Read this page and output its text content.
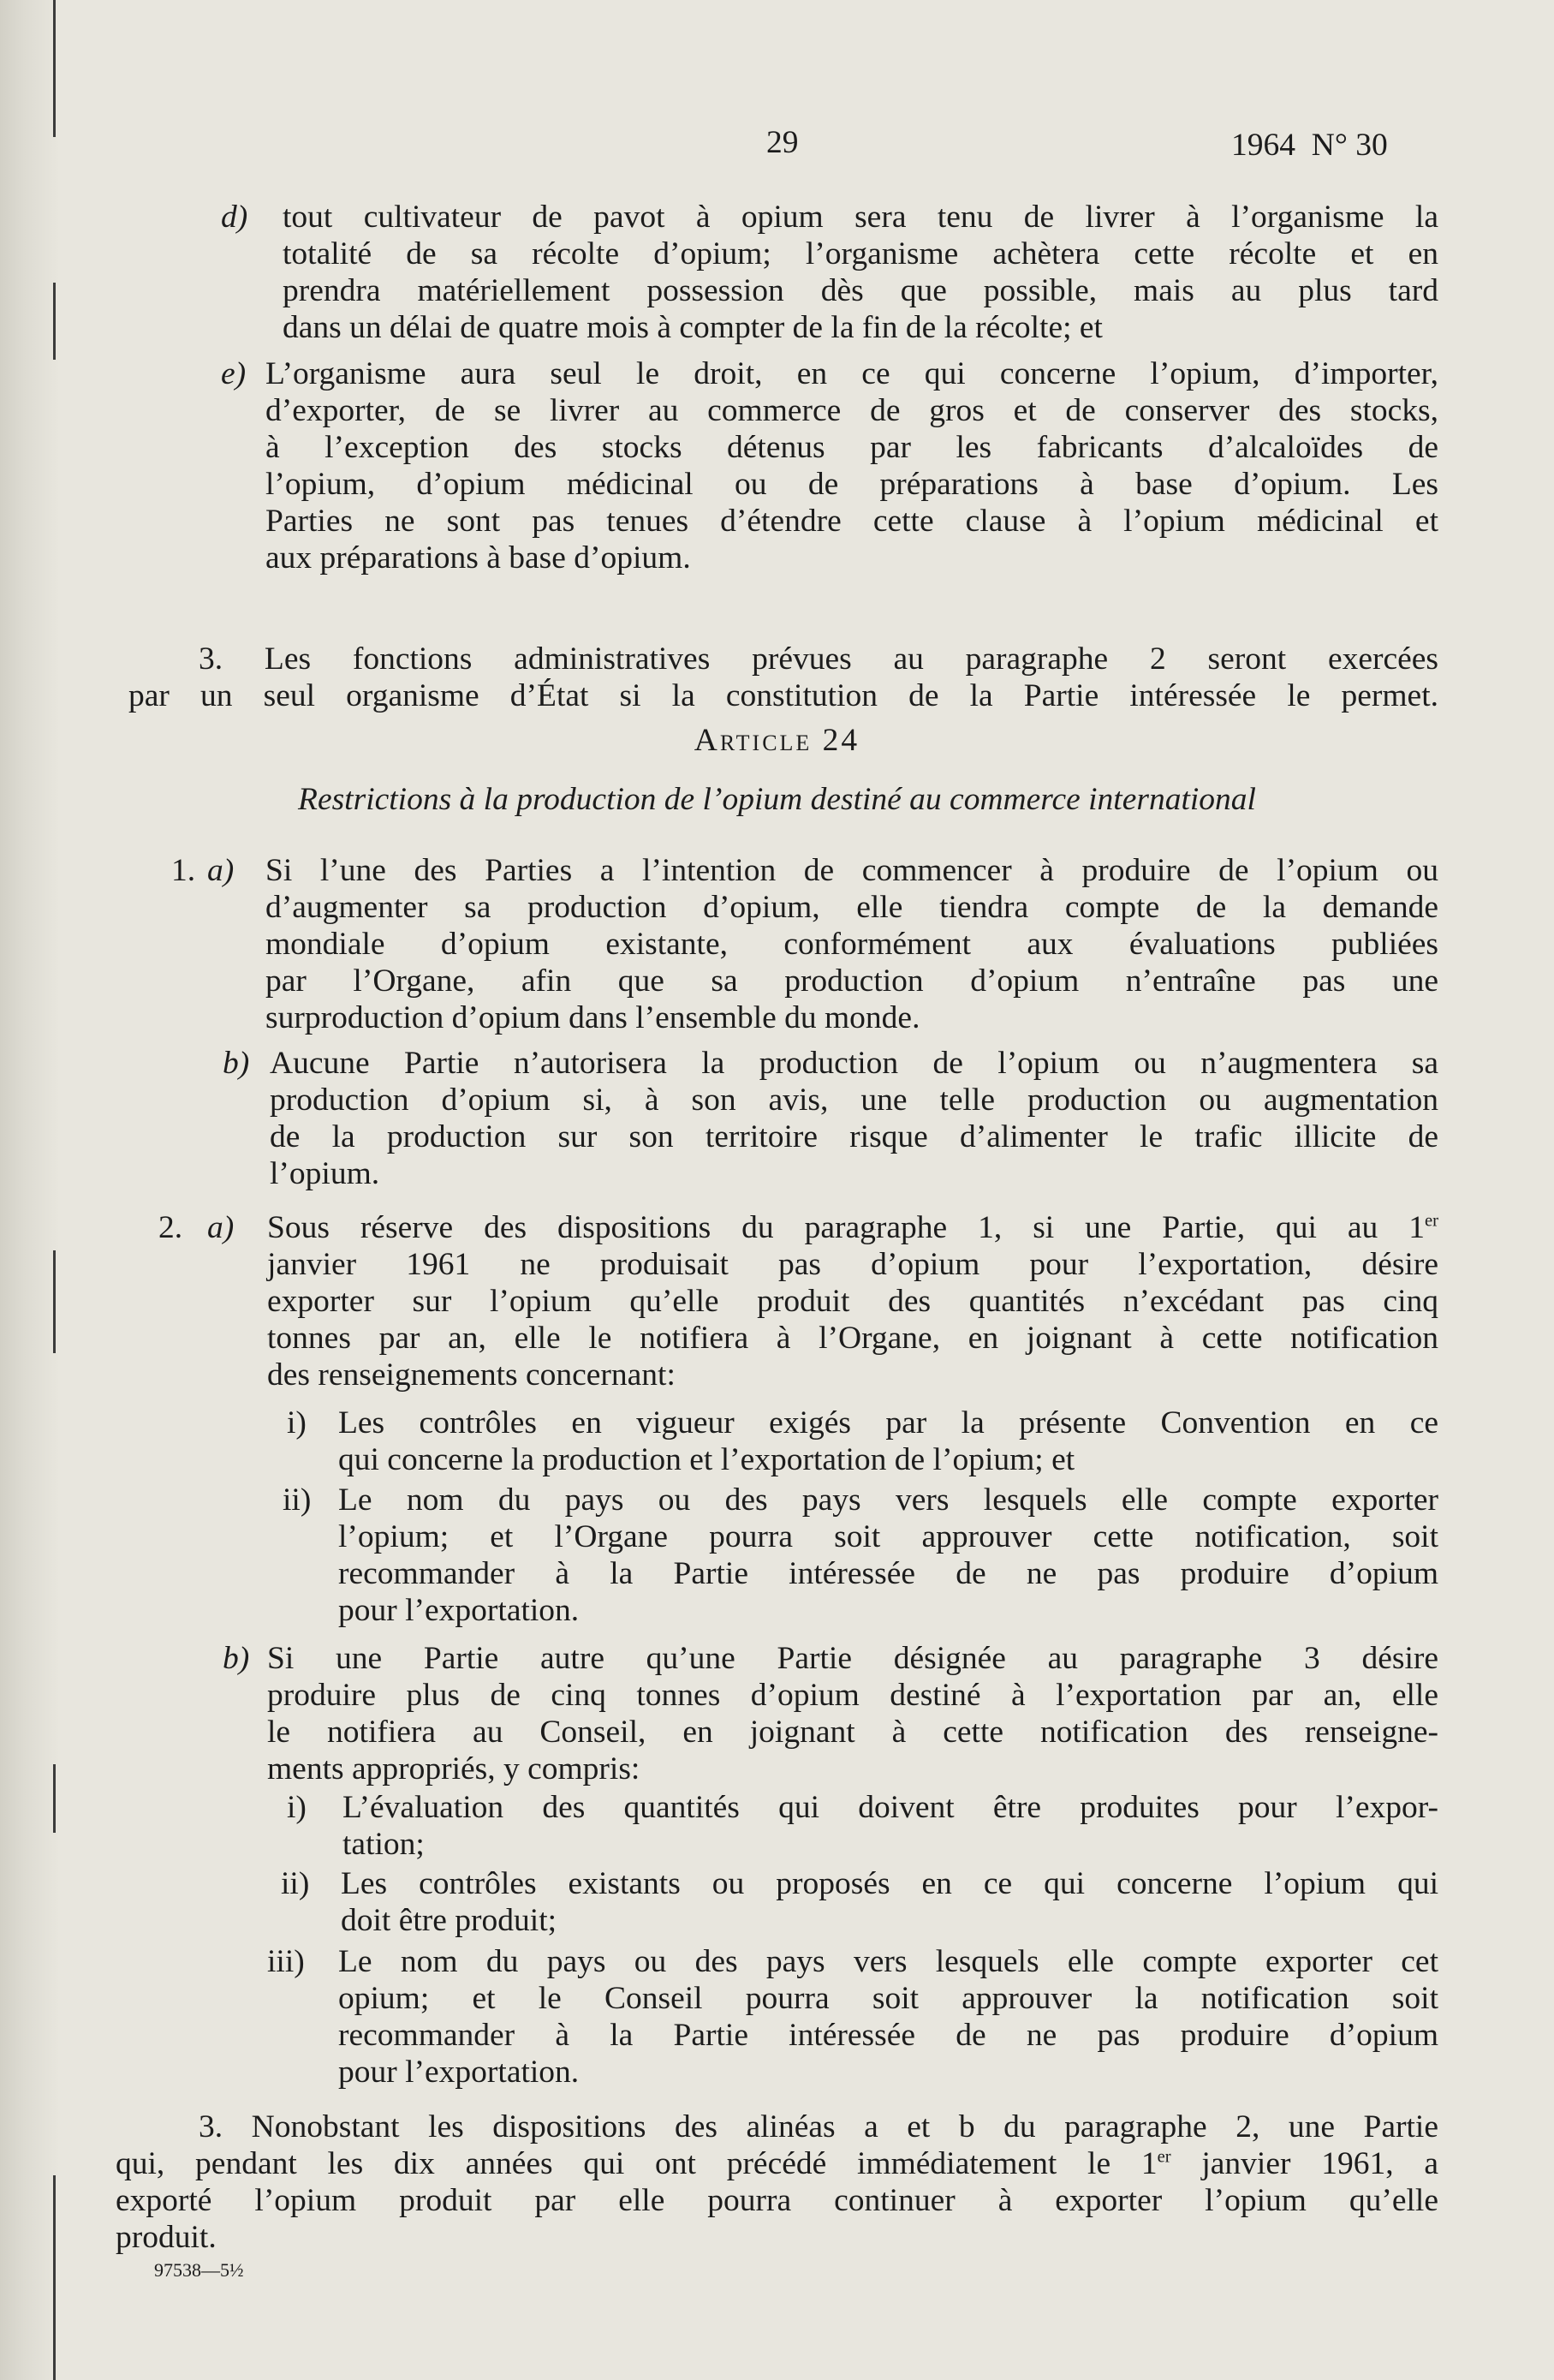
29	1964  N° 30
d) tout cultivateur de pavot à opium sera tenu de livrer à l’organisme la
totalité de sa récolte d’opium; l’organisme achètera cette récolte et en
prendra matériellement possession dès que possible, mais au plus tard
dans un délai de quatre mois à compter de la fin de la récolte; et
e) L’organisme aura seul le droit, en ce qui concerne l’opium, d’importer,
d’exporter, de se livrer au commerce de gros et de conserver des stocks,
à l’exception des stocks détenus par les fabricants d’alcaloïdes de
l’opium, d’opium médicinal ou de préparations à base d’opium. Les
Parties ne sont pas tenues d’étendre cette clause à l’opium médicinal et
aux préparations à base d’opium.
3. Les fonctions administratives prévues au paragraphe 2 seront exercées
par un seul organisme d’État si la constitution de la Partie intéressée le permet.
Article 24
Restrictions à la production de l’opium destiné au commerce international
1. a) Si l’une des Parties a l’intention de commencer à produire de l’opium ou
d’augmenter sa production d’opium, elle tiendra compte de la demande
mondiale d’opium existante, conformément aux évaluations publiées
par l’Organe, afin que sa production d’opium n’entraîne pas une
surproduction d’opium dans l’ensemble du monde.
b) Aucune Partie n’autorisera la production de l’opium ou n’augmentera sa
production d’opium si, à son avis, une telle production ou augmentation
de la production sur son territoire risque d’alimenter le trafic illicite de
l’opium.
2. a) Sous réserve des dispositions du paragraphe 1, si une Partie, qui au 1er
janvier 1961 ne produisait pas d’opium pour l’exportation, désire
exporter sur l’opium qu’elle produit des quantités n’excédant pas cinq
tonnes par an, elle le notifiera à l’Organe, en joignant à cette notification
des renseignements concernant:
i) Les contrôles en vigueur exigés par la présente Convention en ce
qui concerne la production et l’exportation de l’opium; et
ii) Le nom du pays ou des pays vers lesquels elle compte exporter
l’opium; et l’Organe pourra soit approuver cette notification, soit
recommander à la Partie intéressée de ne pas produire d’opium
pour l’exportation.
b) Si une Partie autre qu’une Partie désignée au paragraphe 3 désire
produire plus de cinq tonnes d’opium destiné à l’exportation par an, elle
le notifiera au Conseil, en joignant à cette notification des renseigne-
ments appropriés, y compris:
i) L’évaluation des quantités qui doivent être produites pour l’expor-
tation;
ii) Les contrôles existants ou proposés en ce qui concerne l’opium qui
doit être produit;
iii) Le nom du pays ou des pays vers lesquels elle compte exporter cet
opium; et le Conseil pourra soit approuver la notification soit
recommander à la Partie intéressée de ne pas produire d’opium
pour l’exportation.
3. Nonobstant les dispositions des alinéas a et b du paragraphe 2, une Partie
qui, pendant les dix années qui ont précédé immédiatement le 1er janvier 1961, a
exporté l’opium produit par elle pourra continuer à exporter l’opium qu’elle
produit.
97538—5½
